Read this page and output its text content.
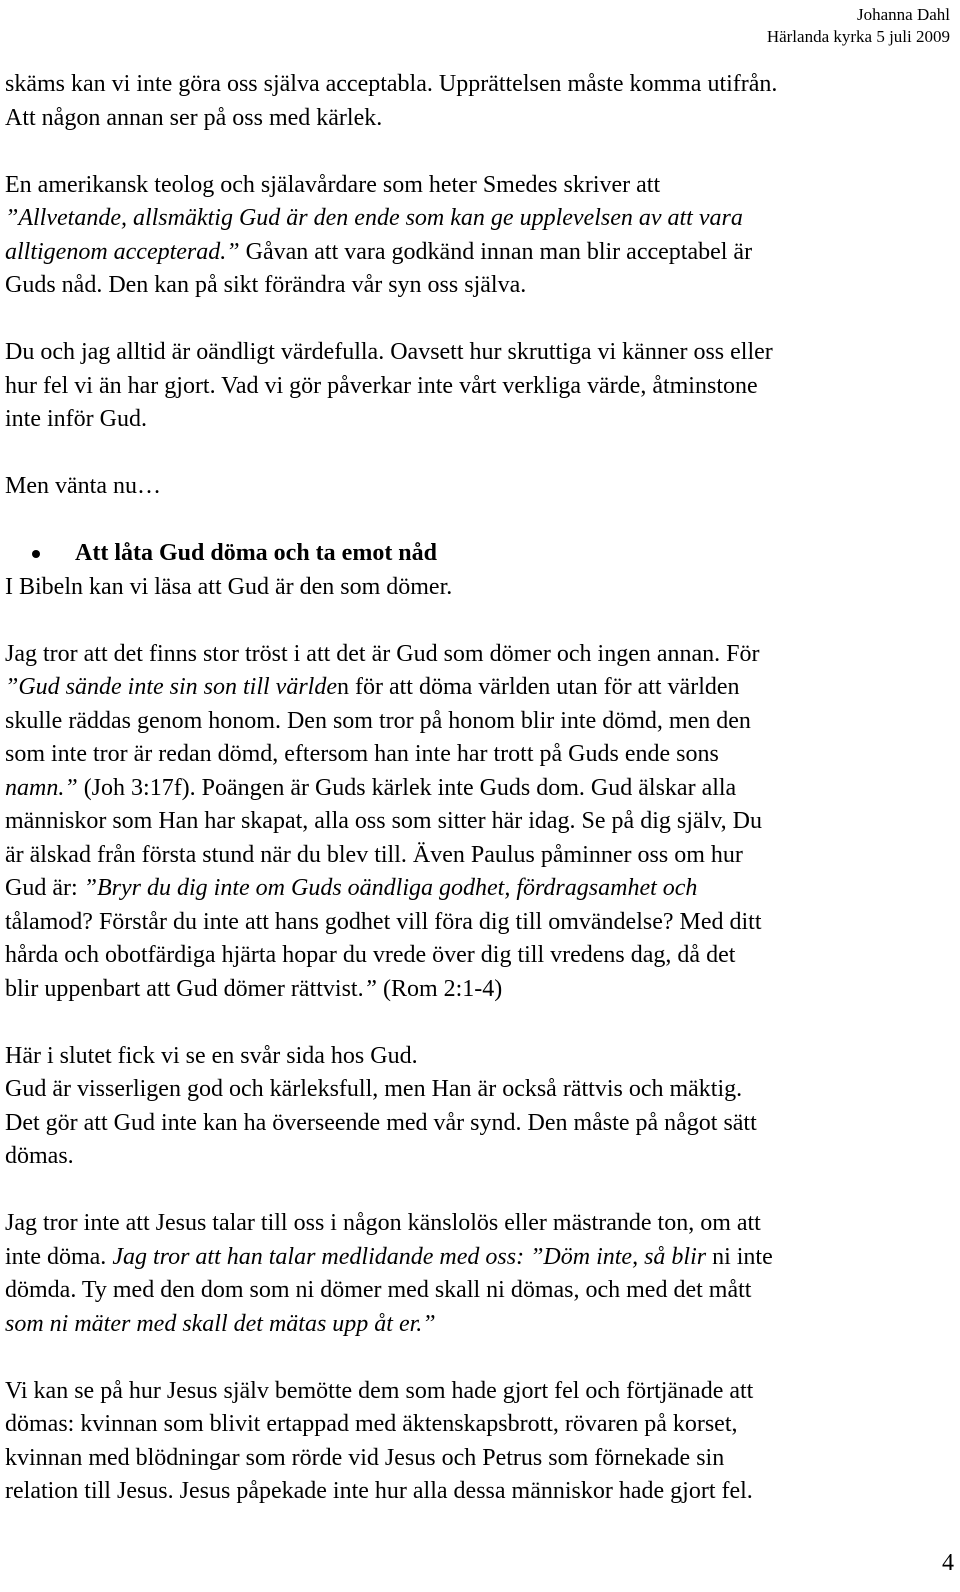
Johanna Dahl
Härlanda kyrka 5 juli 2009

skäms kan vi inte göra oss själva acceptabla. Upprättelsen måste komma utifrån.
Att någon annan ser på oss med kärlek.

En amerikansk teolog och själavårdare som heter Smedes skriver att
”Allvetande, allsmäktig Gud är den ende som kan ge upplevelsen av att vara
alltigenom accepterad.” Gåvan att vara godkänd innan man blir acceptabel är
Guds nåd. Den kan på sikt förändra vår syn oss själva.

Du och jag alltid är oändligt värdefulla. Oavsett hur skruttiga vi känner oss eller
hur fel vi än har gjort. Vad vi gör påverkar inte vårt verkliga värde, åtminstone
inte inför Gud.

Men vänta nu…

Att låta Gud döma och ta emot nåd

I Bibeln kan vi läsa att Gud är den som dömer.

Jag tror att det finns stor tröst i att det är Gud som dömer och ingen annan. För
”Gud sände inte sin son till världen för att döma världen utan för att världen
skulle räddas genom honom. Den som tror på honom blir inte dömd, men den
som inte tror är redan dömd, eftersom han inte har trott på Guds ende sons
namn.” (Joh 3:17f). Poängen är Guds kärlek inte Guds dom. Gud älskar alla
människor som Han har skapat, alla oss som sitter här idag. Se på dig själv, Du
är älskad från första stund när du blev till. Även Paulus påminner oss om hur
Gud är: ”Bryr du dig inte om Guds oändliga godhet, fördragsamhet och
tålamod? Förstår du inte att hans godhet vill föra dig till omvändelse? Med ditt
hårda och obotfärdiga hjärta hopar du vrede över dig till vredens dag, då det
blir uppenbart att Gud dömer rättvist.” (Rom 2:1-4)

Här i slutet fick vi se en svår sida hos Gud.
Gud är visserligen god och kärleksfull, men Han är också rättvis och mäktig.
Det gör att Gud inte kan ha överseende med vår synd. Den måste på något sätt
dömas.

Jag tror inte att Jesus talar till oss i någon känslolös eller mästrande ton, om att
inte döma. Jag tror att han talar medlidande med oss: ”Döm inte, så blir ni inte
dömda. Ty med den dom som ni dömer med skall ni dömas, och med det mått
som ni mäter med skall det mätas upp åt er.”

Vi kan se på hur Jesus själv bemötte dem som hade gjort fel och förtjänade att
dömas: kvinnan som blivit ertappad med äktenskapsbrott, rövaren på korset,
kvinnan med blödningar som rörde vid Jesus och Petrus som förnekade sin
relation till Jesus. Jesus påpekade inte hur alla dessa människor hade gjort fel.

4
